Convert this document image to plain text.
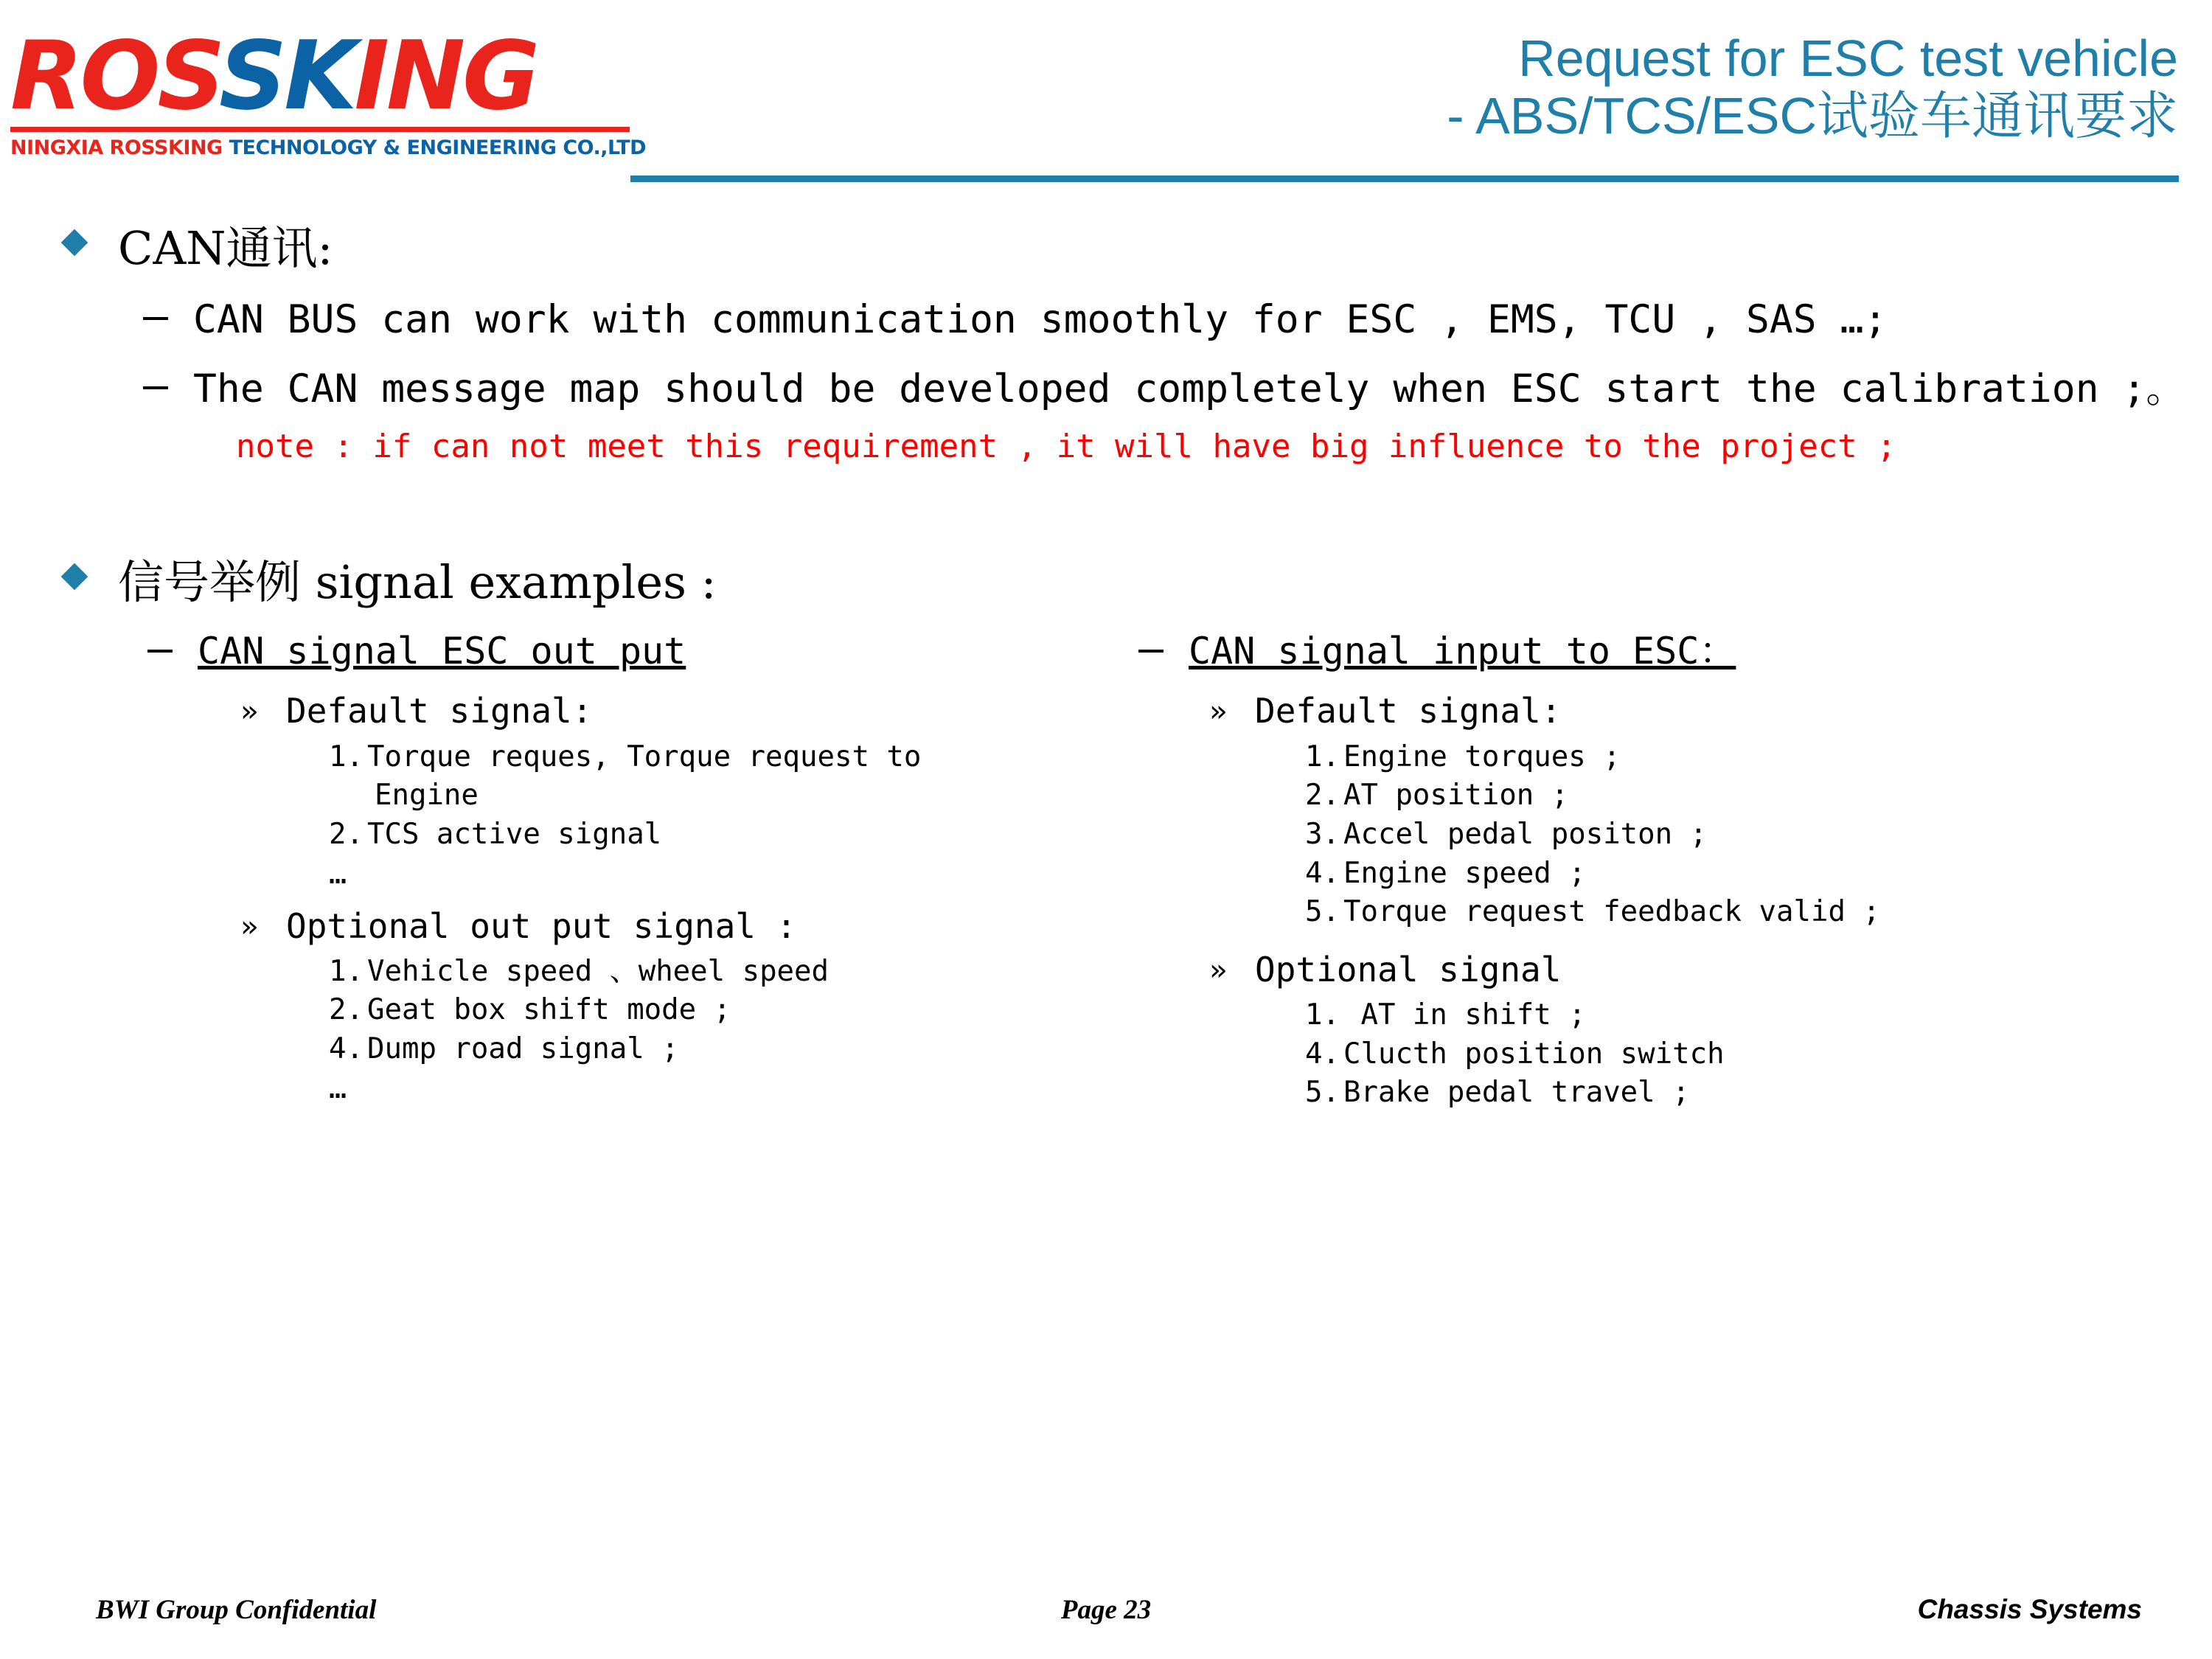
ROSSKING
NINGXIA ROSSKING TECHNOLOGY & ENGINEERING CO.,LTD
Request for ESC test vehicle
- ABS/TCS/ESC试验车通讯要求
CAN通讯:
CAN BUS can work with communication smoothly for ESC , EMS, TCU , SAS …;
The CAN message map should be developed completely when ESC start the calibration ;。
note : if can not meet this requirement , it will have big influence to the project ;
信号举例 signal examples :
CAN signal ESC out put
» Default signal:
1. Torque reques, Torque request to
Engine
2. TCS active signal
…
» Optional out put signal :
1. Vehicle speed 、wheel speed
2. Geat box shift mode ;
4. Dump road signal ;
…
CAN signal input to ESC：
» Default signal:
1. Engine torques ;
2. AT position ;
3. Accel pedal positon ;
4. Engine speed ;
5. Torque request feedback valid ;
» Optional signal
1. AT in shift ;
4. Clucth position switch
5. Brake pedal travel ;
BWI Group Confidential	Page 23	Chassis Systems
